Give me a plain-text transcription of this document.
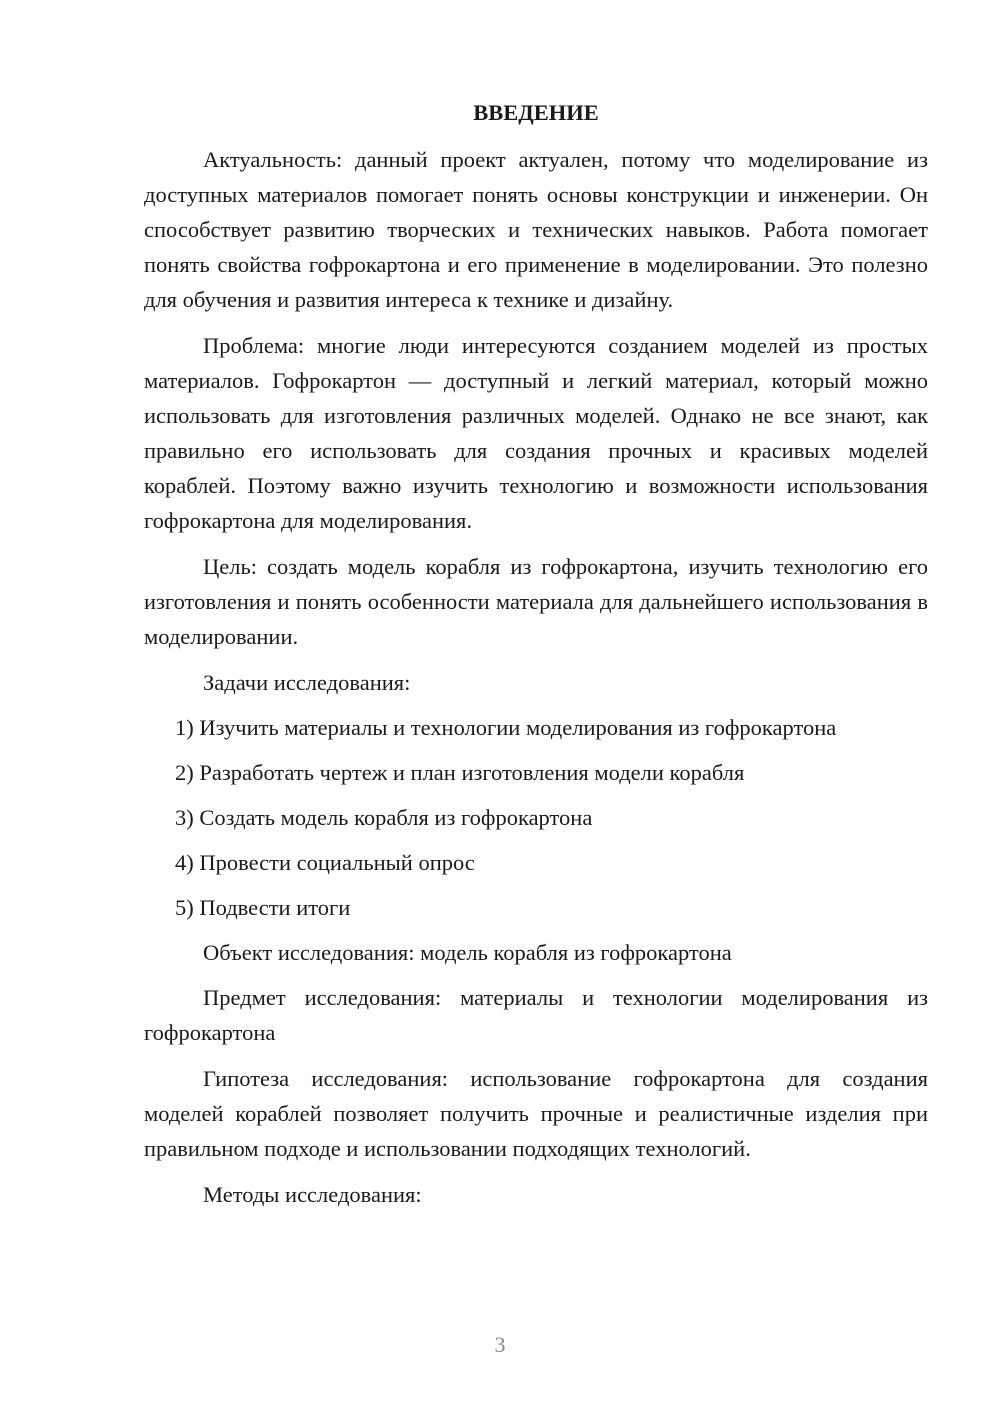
ВВЕДЕНИЕ

Актуальность: данный проект актуален, потому что моделирование из доступных материалов помогает понять основы конструкции и инженерии. Он способствует развитию творческих и технических навыков. Работа помогает понять свойства гофрокартона и его применение в моделировании. Это полезно для обучения и развития интереса к технике и дизайну.

Проблема: многие люди интересуются созданием моделей из простых материалов. Гофрокартон — доступный и легкий материал, который можно использовать для изготовления различных моделей. Однако не все знают, как правильно его использовать для создания прочных и красивых моделей кораблей. Поэтому важно изучить технологию и возможности использования гофрокартона для моделирования.

Цель: создать модель корабля из гофрокартона, изучить технологию его изготовления и понять особенности материала для дальнейшего использования в моделировании.

Задачи исследования:

1) Изучить материалы и технологии моделирования из гофрокартона
2) Разработать чертеж и план изготовления модели корабля
3) Создать модель корабля из гофрокартона
4) Провести социальный опрос
5) Подвести итоги

Объект исследования: модель корабля из гофрокартона

Предмет исследования: материалы и технологии моделирования из гофрокартона

Гипотеза исследования: использование гофрокартона для создания моделей кораблей позволяет получить прочные и реалистичные изделия при правильном подходе и использовании подходящих технологий.

Методы исследования:

3
